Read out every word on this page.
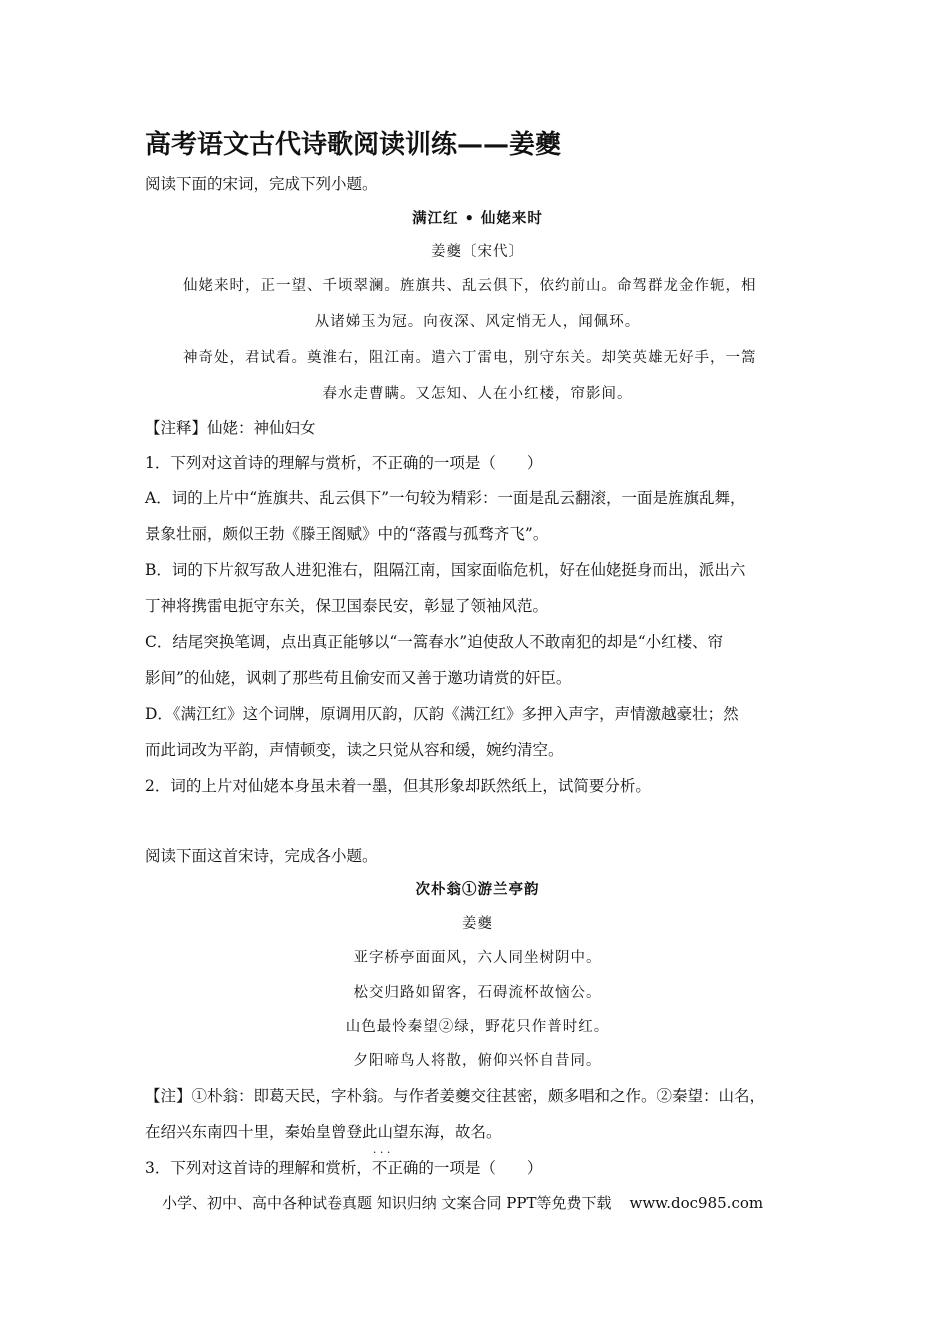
高考语文古代诗歌阅读训练——姜夔
阅读下面的宋词，完成下列小题。
满江红 • 仙姥来时
姜夔〔宋代〕
仙姥来时，正一望、千顷翠澜。旌旗共、乱云俱下，依约前山。命驾群龙金作轭，相
从诸娣玉为冠。向夜深、风定悄无人，闻佩环。
神奇处，君试看。奠淮右，阻江南。遣六丁雷电，别守东关。却笑英雄无好手，一篙
春水走曹瞒。又怎知、人在小红楼，帘影间。
【注释】仙姥：神仙妇女
1．下列对这首诗的理解与赏析，不正确的一项是（　　）
A．词的上片中“旌旗共、乱云俱下”一句较为精彩：一面是乱云翻滚，一面是旌旗乱舞，
景象壮丽，颇似王勃《滕王阁赋》中的“落霞与孤骛齐飞”。
B．词的下片叙写敌人进犯淮右，阻隔江南，国家面临危机，好在仙姥挺身而出，派出六
丁神将携雷电扼守东关，保卫国泰民安，彰显了领袖风范。
C．结尾突换笔调，点出真正能够以“一篙春水”迫使敌人不敢南犯的却是“小红楼、帘
影间”的仙姥，讽刺了那些苟且偷安而又善于邀功请赏的奸臣。
D．《满江红》这个词牌，原调用仄韵，仄韵《满江红》多押入声字，声情激越豪壮；然
而此词改为平韵，声情顿变，读之只觉从容和缓，婉约清空。
2．词的上片对仙姥本身虽未着一墨，但其形象却跃然纸上，试简要分析。
阅读下面这首宋诗，完成各小题。
次朴翁①游兰亭韵
姜夔
亚字桥亭面面风，六人同坐树阴中。
松交归路如留客，石碍流杯故恼公。
山色最怜秦望②绿，野花只作普时红。
夕阳啼鸟人将散，俯仰兴怀自昔同。
【注】①朴翁：即葛天民，字朴翁。与作者姜夔交往甚密，颇多唱和之作。②秦望：山名，
在绍兴东南四十里，秦始皇曾登此山望东海，故名。
3．下列对这首诗的理解和赏析，· · · 不正确的一项是（　　）
小学、初中、高中各种试卷真题 知识归纳 文案合同 PPT等免费下载 www.doc985.com
